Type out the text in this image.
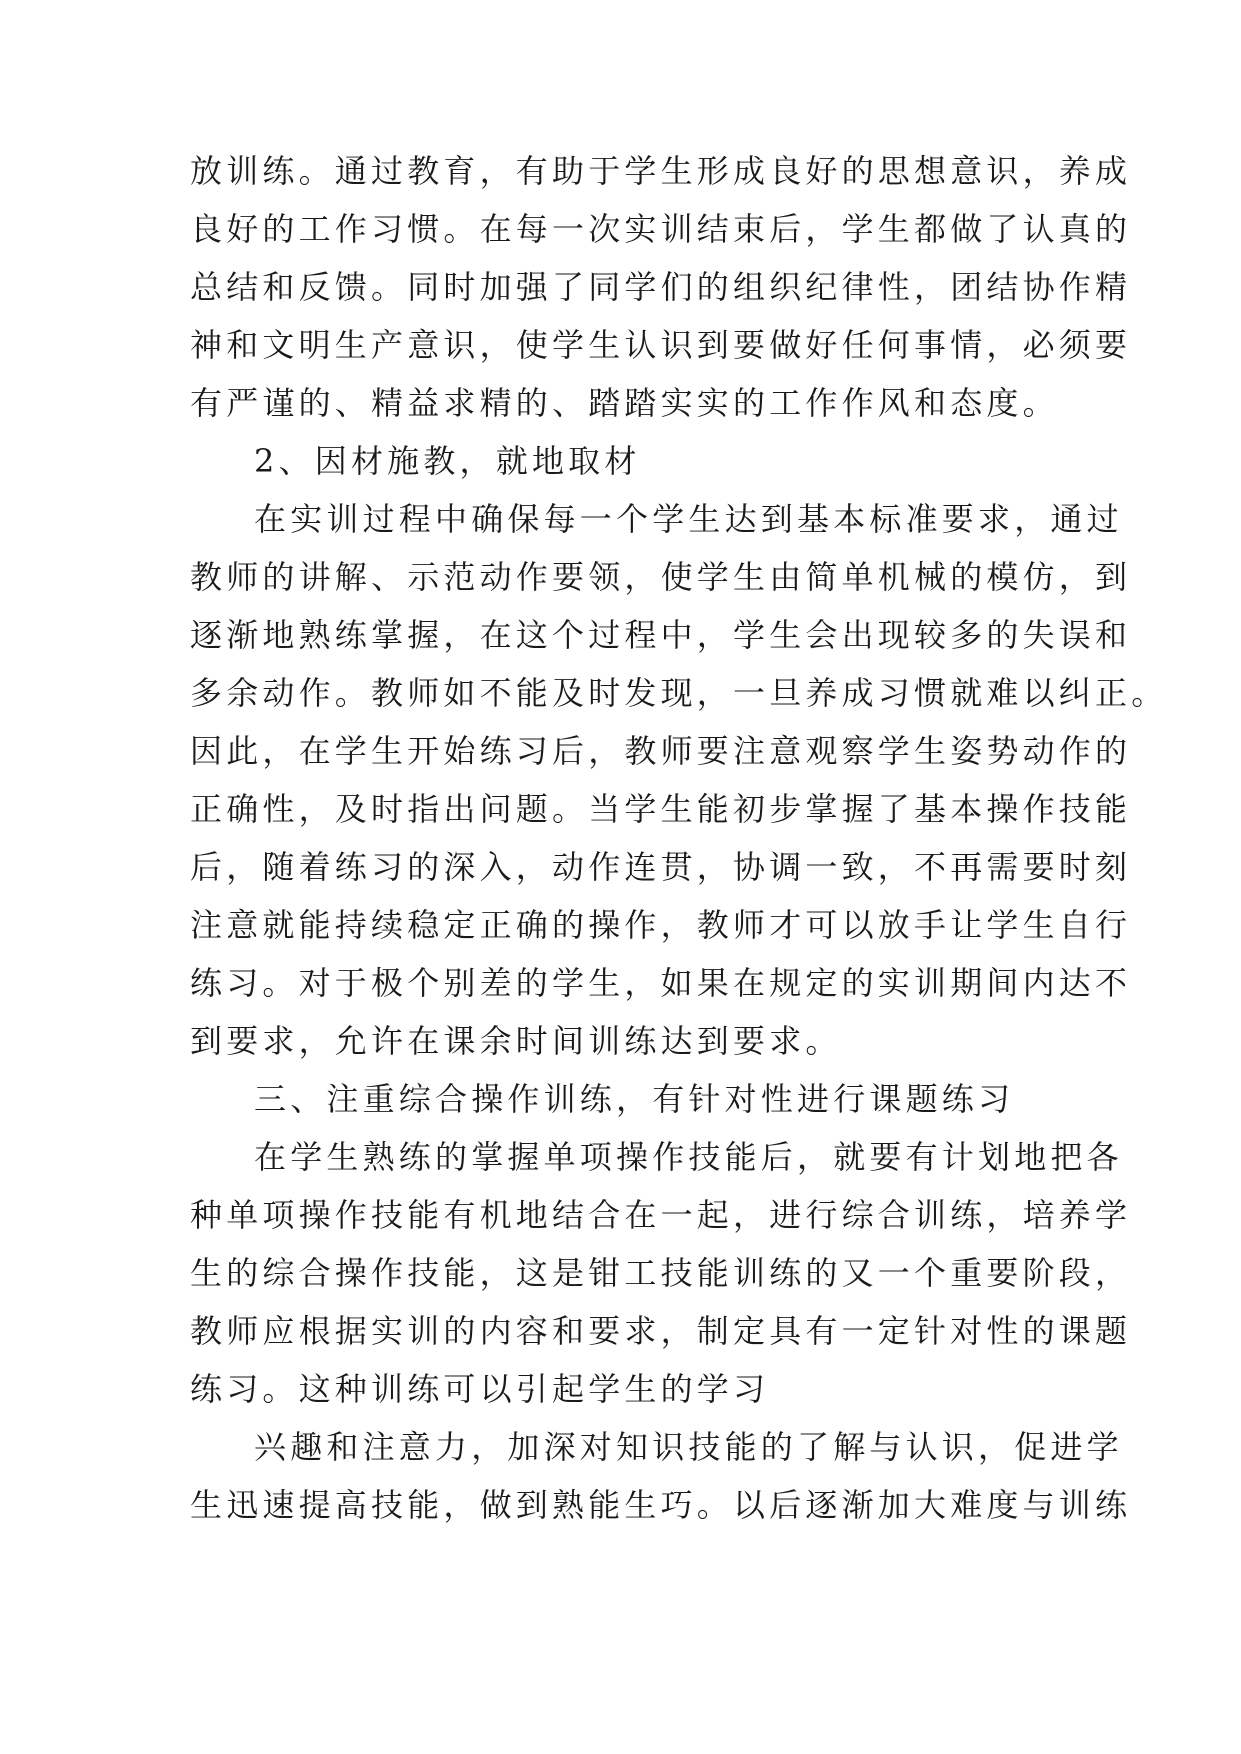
放训练。通过教育，有助于学生形成良好的思想意识，养成

良好的工作习惯。在每一次实训结束后，学生都做了认真的

总结和反馈。同时加强了同学们的组织纪律性，团结协作精

神和文明生产意识，使学生认识到要做好任何事情，必须要

有严谨的、精益求精的、踏踏实实的工作作风和态度。

2、因材施教，就地取材

在实训过程中确保每一个学生达到基本标准要求，通过

教师的讲解、示范动作要领，使学生由简单机械的模仿，到

逐渐地熟练掌握，在这个过程中，学生会出现较多的失误和

多余动作。教师如不能及时发现，一旦养成习惯就难以纠正。

因此，在学生开始练习后，教师要注意观察学生姿势动作的

正确性，及时指出问题。当学生能初步掌握了基本操作技能

后，随着练习的深入，动作连贯，协调一致，不再需要时刻

注意就能持续稳定正确的操作，教师才可以放手让学生自行

练习。对于极个别差的学生，如果在规定的实训期间内达不

到要求，允许在课余时间训练达到要求。

三、注重综合操作训练，有针对性进行课题练习

在学生熟练的掌握单项操作技能后，就要有计划地把各

种单项操作技能有机地结合在一起，进行综合训练，培养学

生的综合操作技能，这是钳工技能训练的又一个重要阶段，

教师应根据实训的内容和要求，制定具有一定针对性的课题

练习。这种训练可以引起学生的学习

兴趣和注意力，加深对知识技能的了解与认识，促进学

生迅速提高技能，做到熟能生巧。以后逐渐加大难度与训练
